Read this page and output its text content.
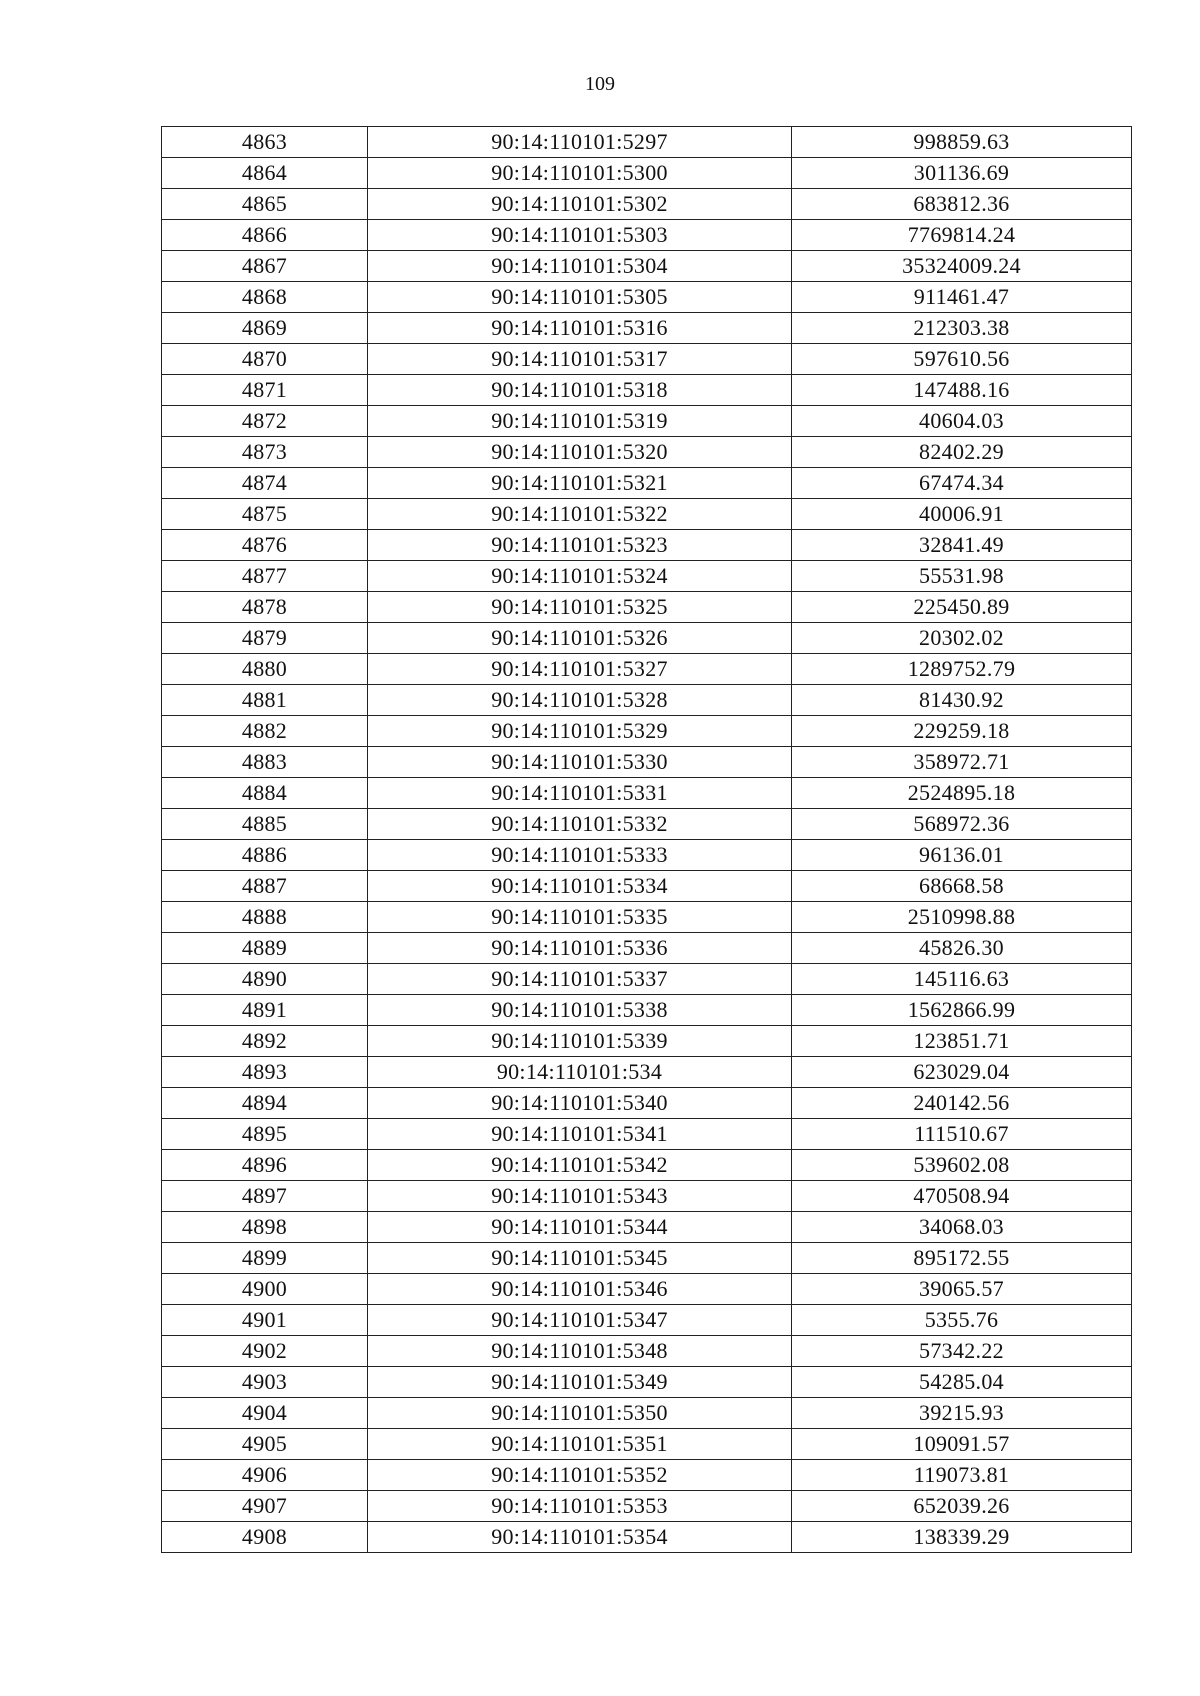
109
4863	90:14:110101:5297	998859.63
4864	90:14:110101:5300	301136.69
4865	90:14:110101:5302	683812.36
4866	90:14:110101:5303	7769814.24
4867	90:14:110101:5304	35324009.24
4868	90:14:110101:5305	911461.47
4869	90:14:110101:5316	212303.38
4870	90:14:110101:5317	597610.56
4871	90:14:110101:5318	147488.16
4872	90:14:110101:5319	40604.03
4873	90:14:110101:5320	82402.29
4874	90:14:110101:5321	67474.34
4875	90:14:110101:5322	40006.91
4876	90:14:110101:5323	32841.49
4877	90:14:110101:5324	55531.98
4878	90:14:110101:5325	225450.89
4879	90:14:110101:5326	20302.02
4880	90:14:110101:5327	1289752.79
4881	90:14:110101:5328	81430.92
4882	90:14:110101:5329	229259.18
4883	90:14:110101:5330	358972.71
4884	90:14:110101:5331	2524895.18
4885	90:14:110101:5332	568972.36
4886	90:14:110101:5333	96136.01
4887	90:14:110101:5334	68668.58
4888	90:14:110101:5335	2510998.88
4889	90:14:110101:5336	45826.30
4890	90:14:110101:5337	145116.63
4891	90:14:110101:5338	1562866.99
4892	90:14:110101:5339	123851.71
4893	90:14:110101:534	623029.04
4894	90:14:110101:5340	240142.56
4895	90:14:110101:5341	111510.67
4896	90:14:110101:5342	539602.08
4897	90:14:110101:5343	470508.94
4898	90:14:110101:5344	34068.03
4899	90:14:110101:5345	895172.55
4900	90:14:110101:5346	39065.57
4901	90:14:110101:5347	5355.76
4902	90:14:110101:5348	57342.22
4903	90:14:110101:5349	54285.04
4904	90:14:110101:5350	39215.93
4905	90:14:110101:5351	109091.57
4906	90:14:110101:5352	119073.81
4907	90:14:110101:5353	652039.26
4908	90:14:110101:5354	138339.29
